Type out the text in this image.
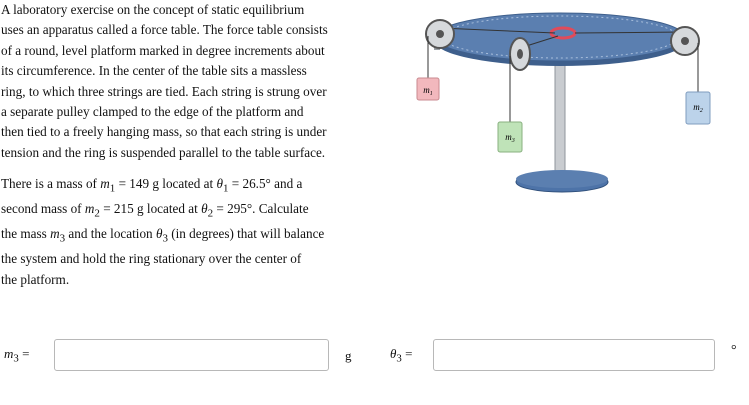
A laboratory exercise on the concept of static equilibrium
uses an apparatus called a force table. The force table consists
of a round, level platform marked in degree increments about
its circumference. In the center of the table sits a massless
ring, to which three strings are tied. Each string is strung over
a separate pulley clamped to the edge of the platform and
then tied to a freely hanging mass, so that each string is under
tension and the ring is suspended parallel to the table surface.
There is a mass of $m_1 = 149$ g located at $\theta_1 = 26.5^\circ$ and a
second mass of $m_2 = 215$ g located at $\theta_2 = 295^\circ$. Calculate
the mass $m_3$ and the location $\theta_3$ (in degrees) that will balance
the system and hold the ring stationary over the center of
the platform.
$m_1$
$m_2$
$m_3$
$m_3$ =	g	$\theta_3$ =	°
